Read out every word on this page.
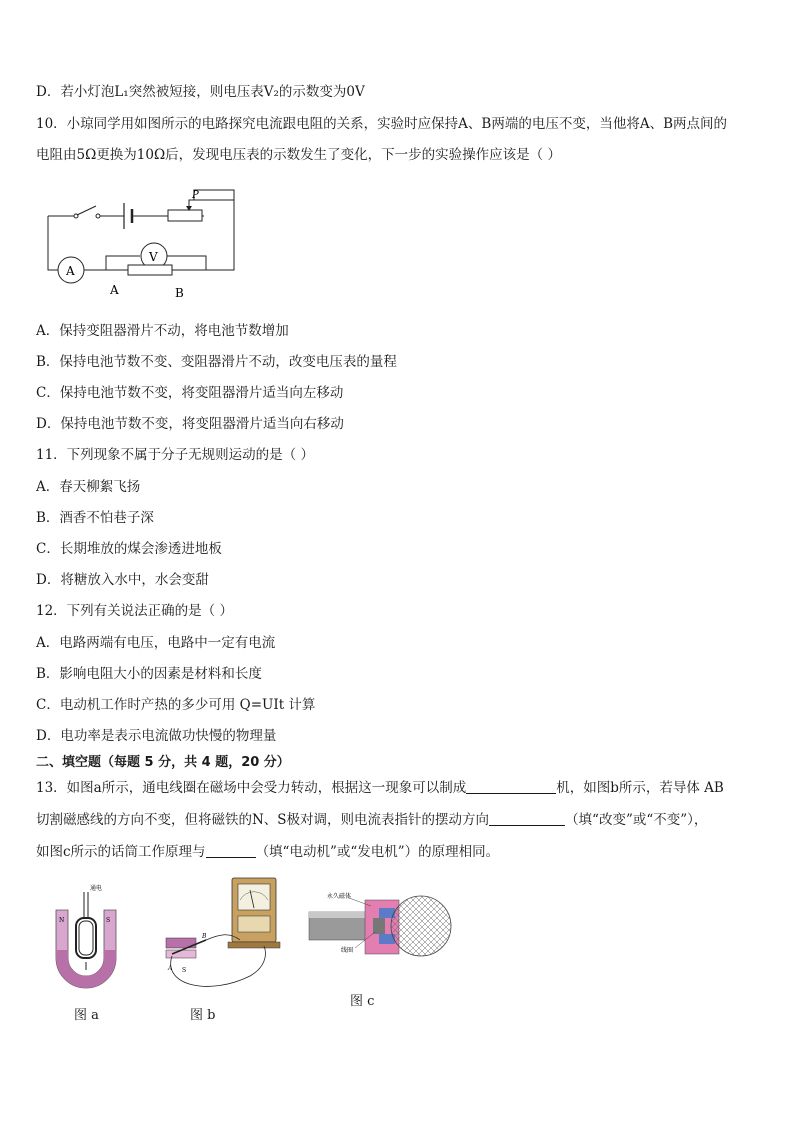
D．若小灯泡L₁突然被短接，则电压表V₂的示数变为0V
10．小琼同学用如图所示的电路探究电流跟电阻的关系，实验时应保持A、B两端的电压不变，当他将A、B两点间的
电阻由5Ω更换为10Ω后，发现电压表的示数发生了变化，下一步的实验操作应该是（ ）
P
A
V
A	B
A．保持变阻器滑片不动，将电池节数增加
B．保持电池节数不变、变阻器滑片不动，改变电压表的量程
C．保持电池节数不变，将变阻器滑片适当向左移动
D．保持电池节数不变，将变阻器滑片适当向右移动
11．下列现象不属于分子无规则运动的是（ ）
A．春天柳絮飞扬
B．酒香不怕巷子深
C．长期堆放的煤会渗透进地板
D．将糖放入水中，水会变甜
12．下列有关说法正确的是（ ）
A．电路两端有电压，电路中一定有电流
B．影响电阻大小的因素是材料和长度
C．电动机工作时产热的多少可用 Q=UIt 计算
D．电功率是表示电流做功快慢的物理量
二、填空题（每题 5 分，共 4 题，20 分）
13．如图a所示，通电线圈在磁场中会受力转动，根据这一现象可以制成	机，如图b所示，若导体 AB
切割磁感线的方向不变，但将磁铁的N、S极对调，则电流表指针的摆动方向	（填“改变”或“不变”），
如图c所示的话筒工作原理与	（填“电动机”或“发电机”）的原理相同。
通电
N	S
图 a
B
A S
图 b
永久磁体
线圈
图 c
